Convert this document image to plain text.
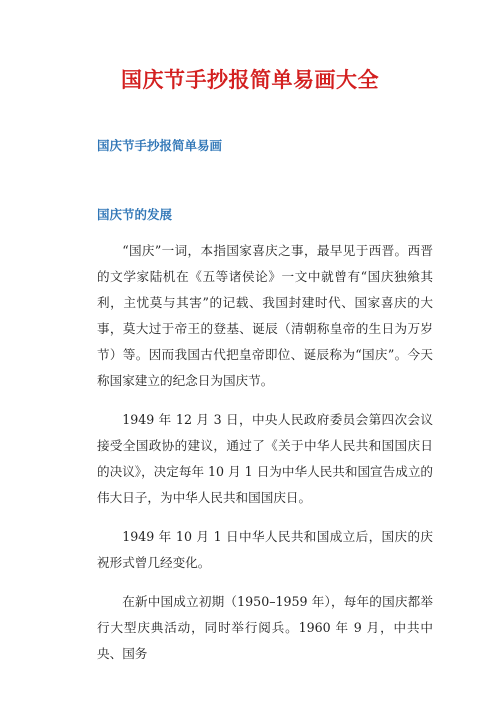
国庆节手抄报简单易画大全
国庆节手抄报简单易画
国庆节的发展

“国庆”一词，本指国家喜庆之事，最早见于西晋。西晋的文学家陆机在《五等诸侯论》一文中就曾有“国庆独飨其利，主忧莫与其害”的记载、我国封建时代、国家喜庆的大事，莫大过于帝王的登基、诞辰（清朝称皇帝的生日为万岁节）等。因而我国古代把皇帝即位、诞辰称为“国庆”。今天称国家建立的纪念日为国庆节。

1949 年 12 月 3 日，中央人民政府委员会第四次会议接受全国政协的建议，通过了《关于中华人民共和国国庆日的决议》，决定每年 10 月 1 日为中华人民共和国宣告成立的伟大日子，为中华人民共和国国庆日。

1949 年 10 月 1 日中华人民共和国成立后，国庆的庆祝形式曾几经变化。

在新中国成立初期（1950–1959 年），每年的国庆都举行大型庆典活动，同时举行阅兵。1960 年 9 月，中共中央、国务
